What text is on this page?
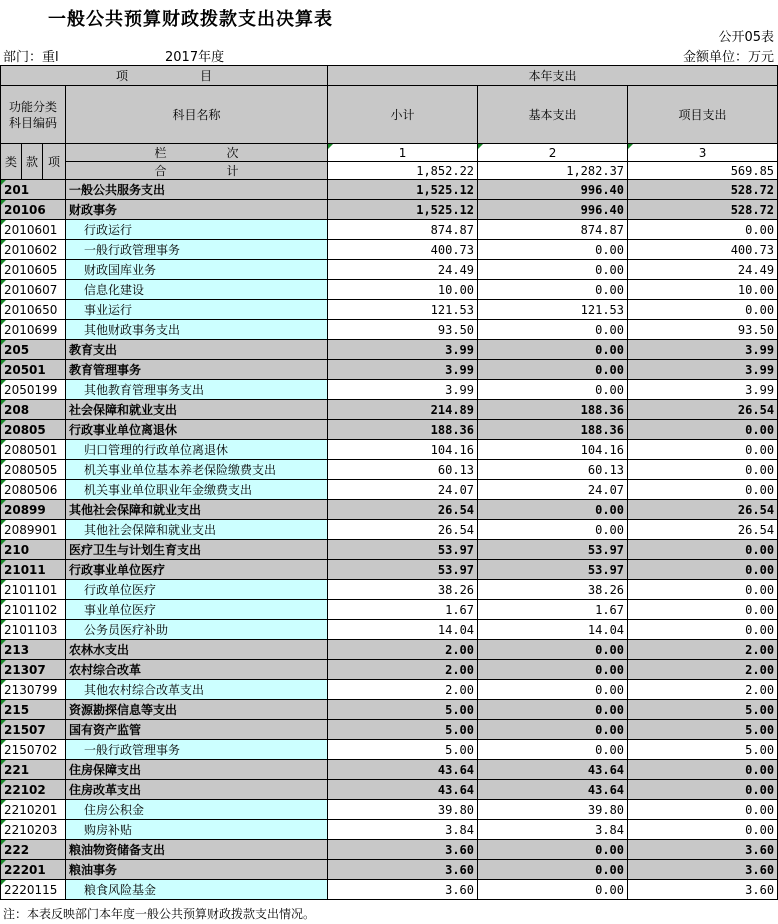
一般公共预算财政拨款支出决算表
公开05表
部门：重l	2017年度	金额单位：万元
项　　　　　　目				本年支出		
功能分类科目编码			科目名称	小计	基本支出	项目支出
类	款	项	栏　　　　　次	1	2	3
			合　　　　　计	1,852.22	1,282.37	569.85
201			一般公共服务支出	1,525.12	996.40	528.72
20106			财政事务	1,525.12	996.40	528.72
2010601			行政运行	874.87	874.87	0.00
2010602			一般行政管理事务	400.73	0.00	400.73
2010605			财政国库业务	24.49	0.00	24.49
2010607			信息化建设	10.00	0.00	10.00
2010650			事业运行	121.53	121.53	0.00
2010699			其他财政事务支出	93.50	0.00	93.50
205			教育支出	3.99	0.00	3.99
20501			教育管理事务	3.99	0.00	3.99
2050199			其他教育管理事务支出	3.99	0.00	3.99
208			社会保障和就业支出	214.89	188.36	26.54
20805			行政事业单位离退休	188.36	188.36	0.00
2080501			归口管理的行政单位离退休	104.16	104.16	0.00
2080505			机关事业单位基本养老保险缴费支出	60.13	60.13	0.00
2080506			机关事业单位职业年金缴费支出	24.07	24.07	0.00
20899			其他社会保障和就业支出	26.54	0.00	26.54
2089901			其他社会保障和就业支出	26.54	0.00	26.54
210			医疗卫生与计划生育支出	53.97	53.97	0.00
21011			行政事业单位医疗	53.97	53.97	0.00
2101101			行政单位医疗	38.26	38.26	0.00
2101102			事业单位医疗	1.67	1.67	0.00
2101103			公务员医疗补助	14.04	14.04	0.00
213			农林水支出	2.00	0.00	2.00
21307			农村综合改革	2.00	0.00	2.00
2130799			其他农村综合改革支出	2.00	0.00	2.00
215			资源勘探信息等支出	5.00	0.00	5.00
21507			国有资产监管	5.00	0.00	5.00
2150702			一般行政管理事务	5.00	0.00	5.00
221			住房保障支出	43.64	43.64	0.00
22102			住房改革支出	43.64	43.64	0.00
2210201			住房公积金	39.80	39.80	0.00
2210203			购房补贴	3.84	3.84	0.00
222			粮油物资储备支出	3.60	0.00	3.60
22201			粮油事务	3.60	0.00	3.60
2220115			粮食风险基金	3.60	0.00	3.60
注：本表反映部门本年度一般公共预算财政拨款支出情况。
